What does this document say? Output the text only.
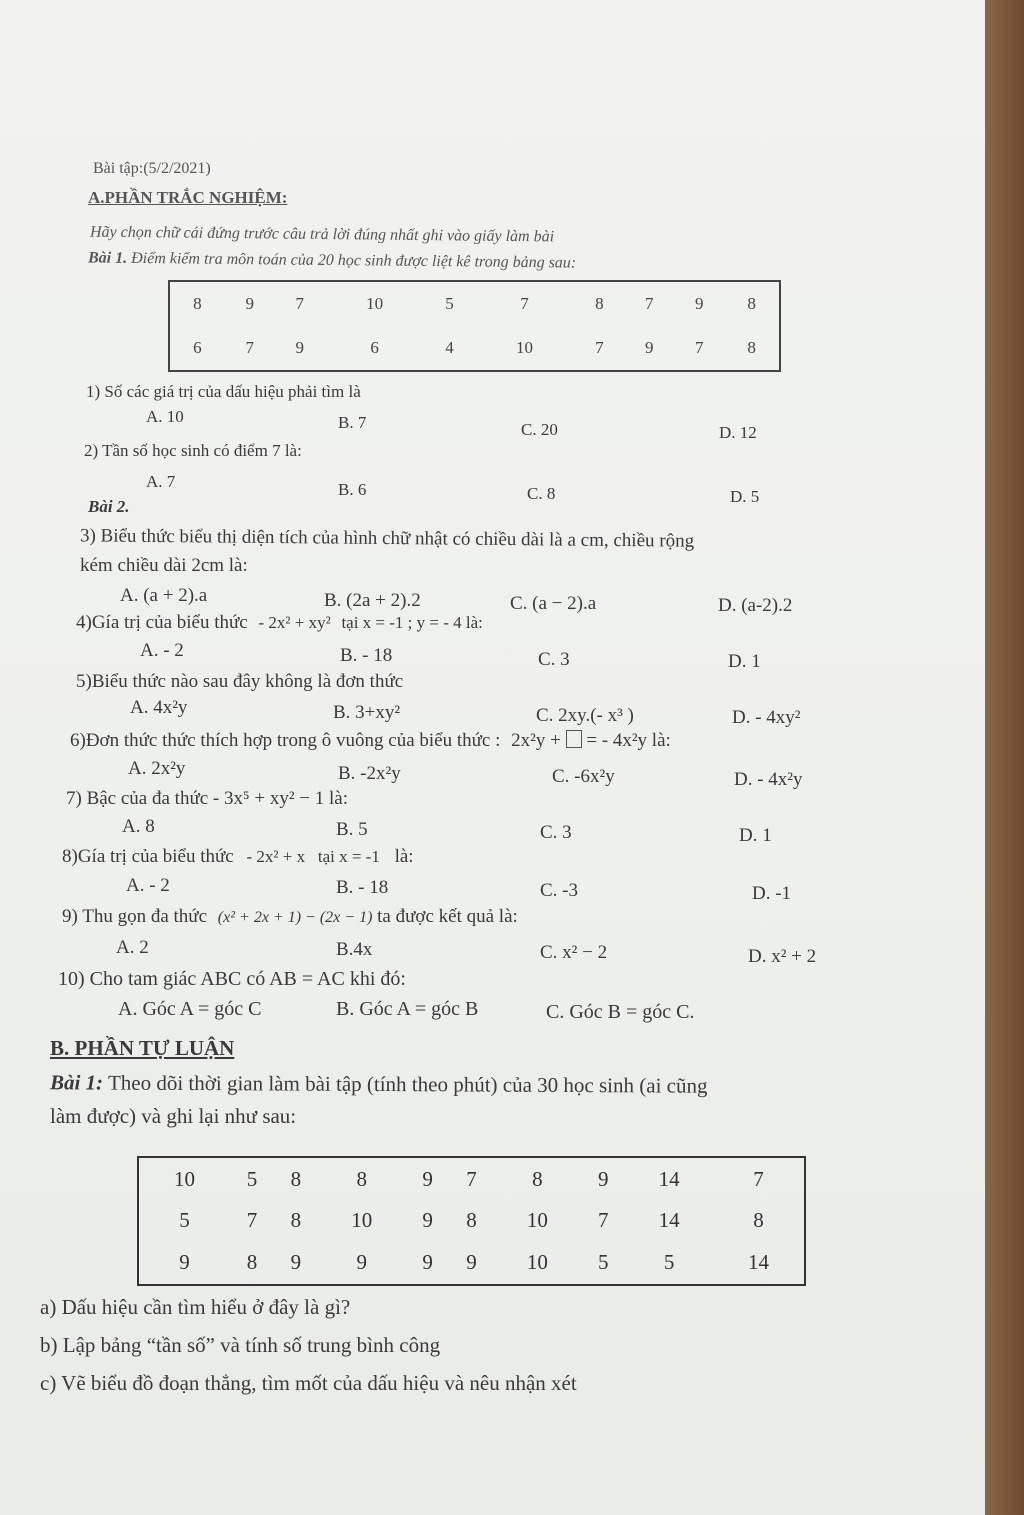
Bài tập:(5/2/2021)
A.PHẦN TRẮC NGHIỆM:
Hãy chọn chữ cái đứng trước câu trả lời đúng nhất ghi vào giấy làm bài
Bài 1. Điểm kiểm tra môn toán của 20 học sinh được liệt kê trong bảng sau:
8	9	7	10	5	7	8	7	9	8
6	7	9	6	4	10	7	9	7	8
1) Số các giá trị của dấu hiệu phải tìm là
A. 10	B. 7	C. 20	D. 12
2) Tần số học sinh có điểm 7 là:
A. 7	B. 6	C. 8	D. 5
Bài 2.
3) Biểu thức biểu thị diện tích của hình chữ nhật có chiều dài là a cm, chiều rộng
kém chiều dài 2cm là:
A. (a + 2).a	B. (2a + 2).2	C. (a − 2).a	D. (a-2).2
4)Gía trị của biểu thức - 2x² + xy² tại x = -1 ; y = - 4 là:
A. - 2	B. - 18	C. 3	D. 1
5)Biểu thức nào sau đây không là đơn thức
A. 4x²y	B. 3+xy²	C. 2xy.(- x³ )	D. - 4xy²
6)Đơn thức thức thích hợp trong ô vuông của biểu thức : 2x²y + = - 4x²y là:
A. 2x²y	B. -2x²y	C. -6x²y	D. - 4x²y
7) Bậc của đa thức - 3x⁵ + xy² − 1 là:
A. 8	B. 5	C. 3	D. 1
8)Gía trị của biểu thức - 2x² + x tại x = -1 là:
A. - 2	B. - 18	C. -3	D. -1
9) Thu gọn đa thức (x² + 2x + 1) − (2x − 1) ta được kết quả là:
A. 2	B.4x	C. x² − 2	D. x² + 2
10) Cho tam giác ABC có AB = AC khi đó:
A. Góc A = góc C	B. Góc A = góc B	C. Góc B = góc C.
B. PHẦN TỰ LUẬN
Bài 1: Theo dõi thời gian làm bài tập (tính theo phút) của 30 học sinh (ai cũng
làm được) và ghi lại như sau:
10	5	8	8	9	7	8	9	14	7
5	7	8	10	9	8	10	7	14	8
9	8	9	9	9	9	10	5	5	14
a) Dấu hiệu cần tìm hiểu ở đây là gì?
b) Lập bảng “tần số” và tính số trung bình công
c) Vẽ biểu đồ đoạn thẳng, tìm mốt của dấu hiệu và nêu nhận xét
